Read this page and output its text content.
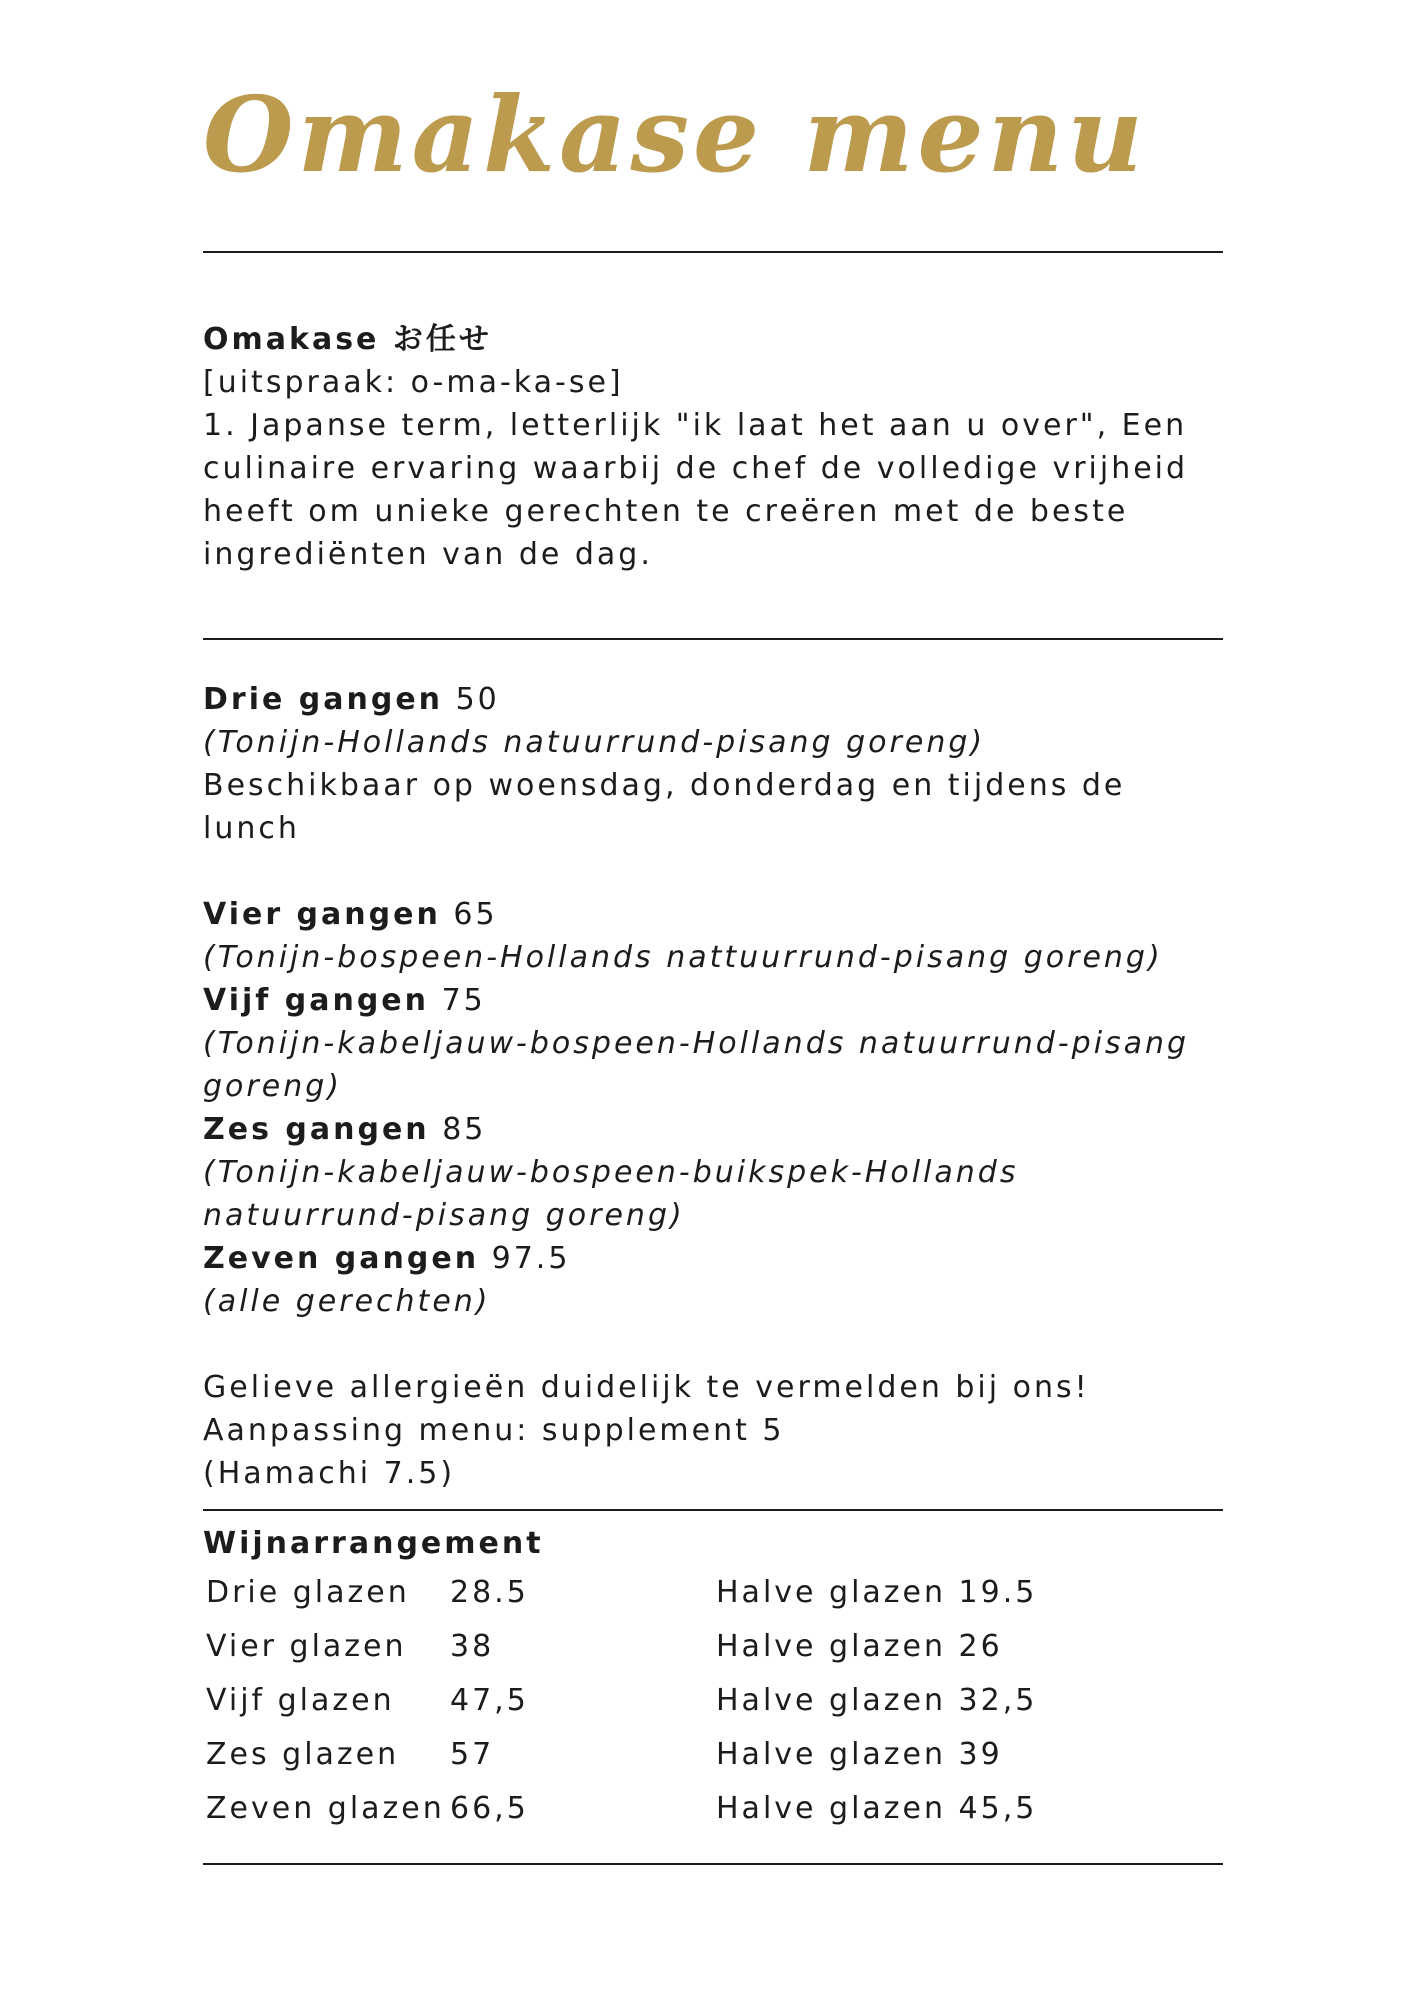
Omakase menu
Omakase お任せ
[uitspraak: o-ma-ka-se]
1. Japanse term, letterlijk "ik laat het aan u over", Een
culinaire ervaring waarbij de chef de volledige vrijheid
heeft om unieke gerechten te creëren met de beste
ingrediënten van de dag.
Drie gangen 50
(Tonijn-Hollands natuurrund-pisang goreng)
Beschikbaar op woensdag, donderdag en tijdens de
lunch

Vier gangen 65
(Tonijn-bospeen-Hollands nattuurrund-pisang goreng)
Vijf gangen 75
(Tonijn-kabeljauw-bospeen-Hollands natuurrund-pisang
goreng)
Zes gangen 85
(Tonijn-kabeljauw-bospeen-buikspek-Hollands
natuurrund-pisang goreng)
Zeven gangen 97.5
(alle gerechten)

Gelieve allergieën duidelijk te vermelden bij ons!
Aanpassing menu: supplement 5
(Hamachi 7.5)
Wijnarrangement
Drie glazen 28.5	Halve glazen 19.5
Vier glazen 38	Halve glazen 26
Vijf glazen 47,5	Halve glazen 32,5
Zes glazen 57	Halve glazen 39
Zeven glazen 66,5	Halve glazen 45,5
